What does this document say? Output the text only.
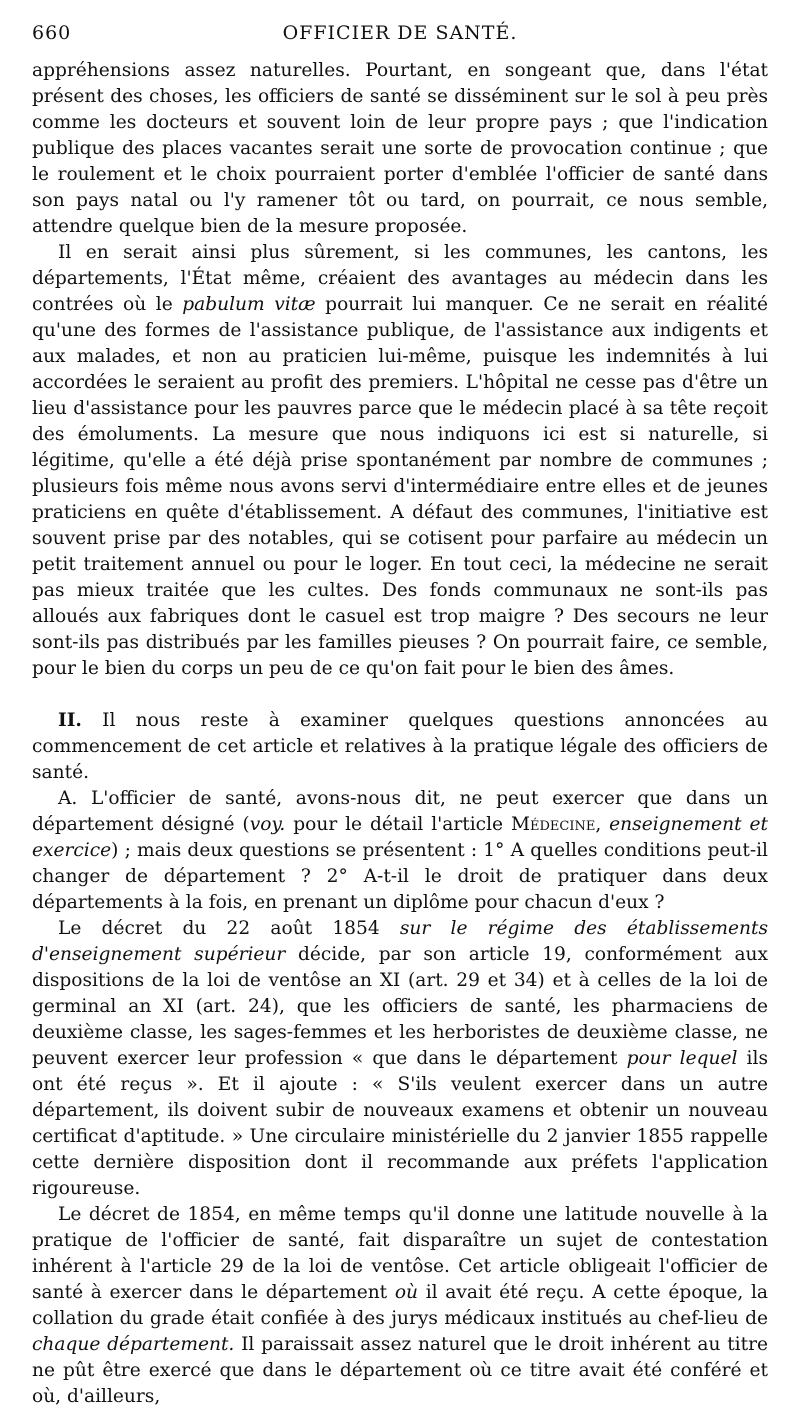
660	OFFICIER DE SANTÉ.

appréhensions assez naturelles. Pourtant, en songeant que, dans l'état présent des choses, les officiers de santé se disséminent sur le sol à peu près comme les docteurs et souvent loin de leur propre pays ; que l'indication publique des places vacantes serait une sorte de provocation continue ; que le roulement et le choix pourraient porter d'emblée l'officier de santé dans son pays natal ou l'y ramener tôt ou tard, on pourrait, ce nous semble, attendre quelque bien de la mesure proposée.

Il en serait ainsi plus sûrement, si les communes, les cantons, les départements, l'État même, créaient des avantages au médecin dans les contrées où le pabulum vitæ pourrait lui manquer. Ce ne serait en réalité qu'une des formes de l'assistance publique, de l'assistance aux indigents et aux malades, et non au praticien lui-même, puisque les indemnités à lui accordées le seraient au profit des premiers. L'hôpital ne cesse pas d'être un lieu d'assistance pour les pauvres parce que le médecin placé à sa tête reçoit des émoluments. La mesure que nous indiquons ici est si naturelle, si légitime, qu'elle a été déjà prise spontanément par nombre de communes ; plusieurs fois même nous avons servi d'intermédiaire entre elles et de jeunes praticiens en quête d'établissement. A défaut des communes, l'initiative est souvent prise par des notables, qui se cotisent pour parfaire au médecin un petit traitement annuel ou pour le loger. En tout ceci, la médecine ne serait pas mieux traitée que les cultes. Des fonds communaux ne sont-ils pas alloués aux fabriques dont le casuel est trop maigre ? Des secours ne leur sont-ils pas distribués par les familles pieuses ? On pourrait faire, ce semble, pour le bien du corps un peu de ce qu'on fait pour le bien des âmes.

II. Il nous reste à examiner quelques questions annoncées au commencement de cet article et relatives à la pratique légale des officiers de santé.

A. L'officier de santé, avons-nous dit, ne peut exercer que dans un département désigné (voy. pour le détail l'article Médecine, enseignement et exercice) ; mais deux questions se présentent : 1° A quelles conditions peut-il changer de département ? 2° A-t-il le droit de pratiquer dans deux départements à la fois, en prenant un diplôme pour chacun d'eux ?

Le décret du 22 août 1854 sur le régime des établissements d'enseignement supérieur décide, par son article 19, conformément aux dispositions de la loi de ventôse an XI (art. 29 et 34) et à celles de la loi de germinal an XI (art. 24), que les officiers de santé, les pharmaciens de deuxième classe, les sages-femmes et les herboristes de deuxième classe, ne peuvent exercer leur profession « que dans le département pour lequel ils ont été reçus ». Et il ajoute : « S'ils veulent exercer dans un autre département, ils doivent subir de nouveaux examens et obtenir un nouveau certificat d'aptitude. » Une circulaire ministérielle du 2 janvier 1855 rappelle cette dernière disposition dont il recommande aux préfets l'application rigoureuse.

Le décret de 1854, en même temps qu'il donne une latitude nouvelle à la pratique de l'officier de santé, fait disparaître un sujet de contestation inhérent à l'article 29 de la loi de ventôse. Cet article obligeait l'officier de santé à exercer dans le département où il avait été reçu. A cette époque, la collation du grade était confiée à des jurys médicaux institués au chef-lieu de chaque département. Il paraissait assez naturel que le droit inhérent au titre ne pût être exercé que dans le département où ce titre avait été conféré et où, d'ailleurs,
